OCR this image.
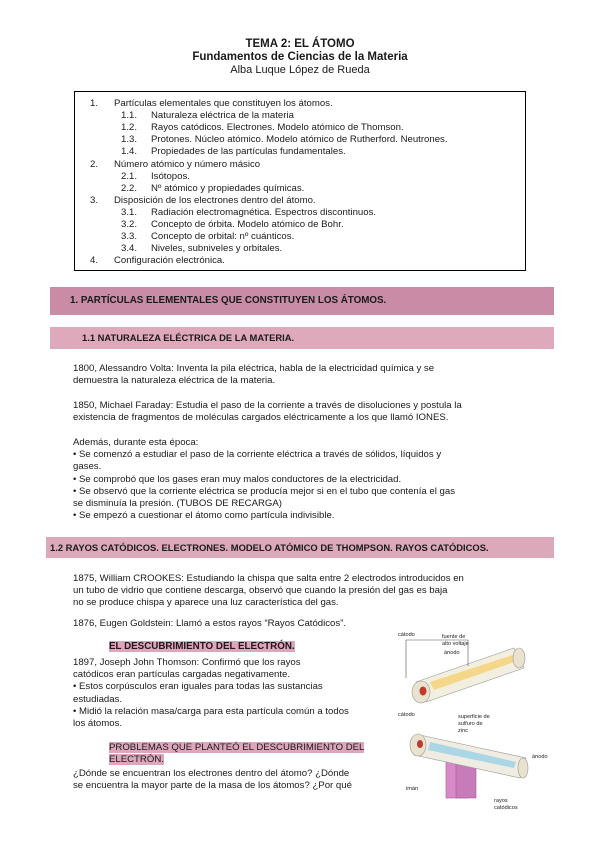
TEMA 2: EL ÁTOMO
Fundamentos de Ciencias de la Materia
Alba Luque López de Rueda
1. Partículas elementales que constituyen los átomos.
1.1. Naturaleza eléctrica de la materia
1.2. Rayos catódicos. Electrones. Modelo atómico de Thomson.
1.3. Protones. Núcleo atómico. Modelo atómico de Rutherford. Neutrones.
1.4. Propiedades de las partículas fundamentales.
2. Número atómico y número másico
2.1. Isótopos.
2.2. Nº atómico y propiedades químicas.
3. Disposición de los electrones dentro del átomo.
3.1. Radiación electromagnética. Espectros discontinuos.
3.2. Concepto de órbita. Modelo atómico de Bohr.
3.3. Concepto de orbital: nº cuánticos.
3.4. Niveles, subniveles y orbitales.
4. Configuración electrónica.
1. PARTÍCULAS ELEMENTALES QUE CONSTITUYEN LOS ÁTOMOS.
1.1 NATURALEZA ELÉCTRICA DE LA MATERIA.
1800, Alessandro Volta: Inventa la pila eléctrica, habla de la electricidad química y se
demuestra la naturaleza eléctrica de la materia.
1850, Michael Faraday: Estudia el paso de la corriente a través de disoluciones y postula la
existencia de fragmentos de moléculas cargados eléctricamente a los que llamó IONES.
Además, durante esta época:
• Se comenzó a estudiar el paso de la corriente eléctrica a través de sólidos, líquidos y
gases.
• Se comprobó que los gases eran muy malos conductores de la electricidad.
• Se observó que la corriente eléctrica se producía mejor si en el tubo que contenía el gas
se disminuía la presión. (TUBOS DE RECARGA)
• Se empezó a cuestionar el átomo como partícula indivisible.
1.2 RAYOS CATÓDICOS. ELECTRONES. MODELO ATÓMICO DE THOMPSON. RAYOS CATÓDICOS.
1875, William CROOKES: Estudiando la chispa que salta entre 2 electrodos introducidos en
un tubo de vidrio que contiene descarga, observó que cuando la presión del gas es baja
no se produce chispa y aparece una luz característica del gas.
1876, Eugen Goldstein: Llamó a estos rayos “Rayos Catódicos”.
EL DESCUBRIMIENTO DEL ELECTRÓN.
1897, Joseph John Thomson: Confirmó que los rayos
catódicos eran partículas cargadas negativamente.
• Estos corpúsculos eran iguales para todas las sustancias
estudiadas.
• Midió la relación masa/carga para esta partícula común a todos
los átomos.
PROBLEMAS QUE PLANTEÓ EL DESCUBRIMIENTO DEL
ELECTRÓN.
¿Dónde se encuentran los electrones dentro del átomo? ¿Dónde
se encuentra la mayor parte de la masa de los átomos? ¿Por qué
cátodo	fuente de
alto voltaje
ánodo
cátodo	superficie de
sulfuro de
zinc
ánodo
imán
rayos
catódicos
